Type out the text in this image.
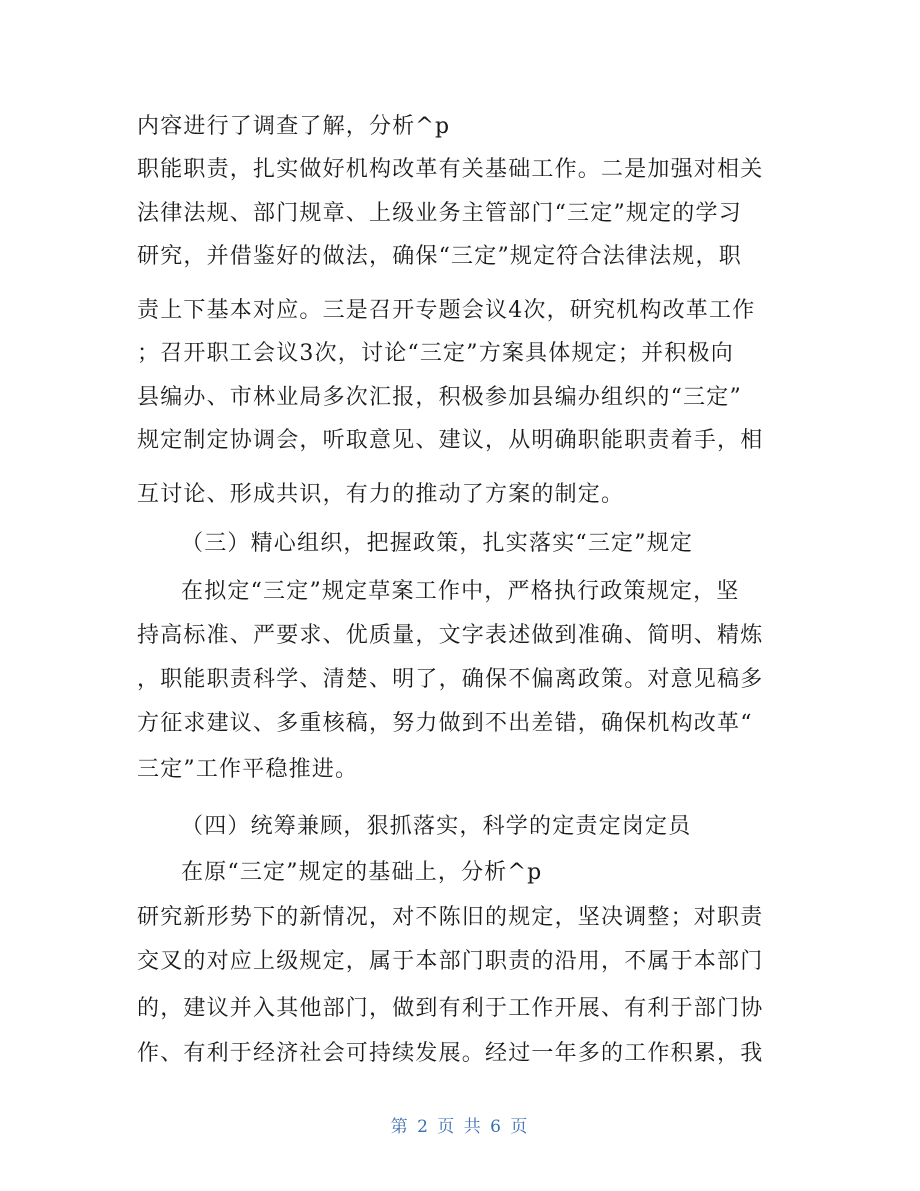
内容进行了调查了解，分析^p
职能职责，扎实做好机构改革有关基础工作。二是加强对相关
法律法规、部门规章、上级业务主管部门“三定”规定的学习
研究，并借鉴好的做法，确保“三定”规定符合法律法规，职
责上下基本对应。三是召开专题会议4次，研究机构改革工作
；召开职工会议3次，讨论“三定”方案具体规定；并积极向
县编办、市林业局多次汇报，积极参加县编办组织的“三定”
规定制定协调会，听取意见、建议，从明确职能职责着手，相
互讨论、形成共识，有力的推动了方案的制定。
（三）精心组织，把握政策，扎实落实“三定”规定
在拟定“三定”规定草案工作中，严格执行政策规定，坚
持高标准、严要求、优质量，文字表述做到准确、简明、精炼
，职能职责科学、清楚、明了，确保不偏离政策。对意见稿多
方征求建议、多重核稿，努力做到不出差错，确保机构改革“
三定”工作平稳推进。
（四）统筹兼顾，狠抓落实，科学的定责定岗定员
在原“三定”规定的基础上，分析^p
研究新形势下的新情况，对不陈旧的规定，坚决调整；对职责
交叉的对应上级规定，属于本部门职责的沿用，不属于本部门
的，建议并入其他部门，做到有利于工作开展、有利于部门协
作、有利于经济社会可持续发展。经过一年多的工作积累，我
第 2 页 共 6 页
